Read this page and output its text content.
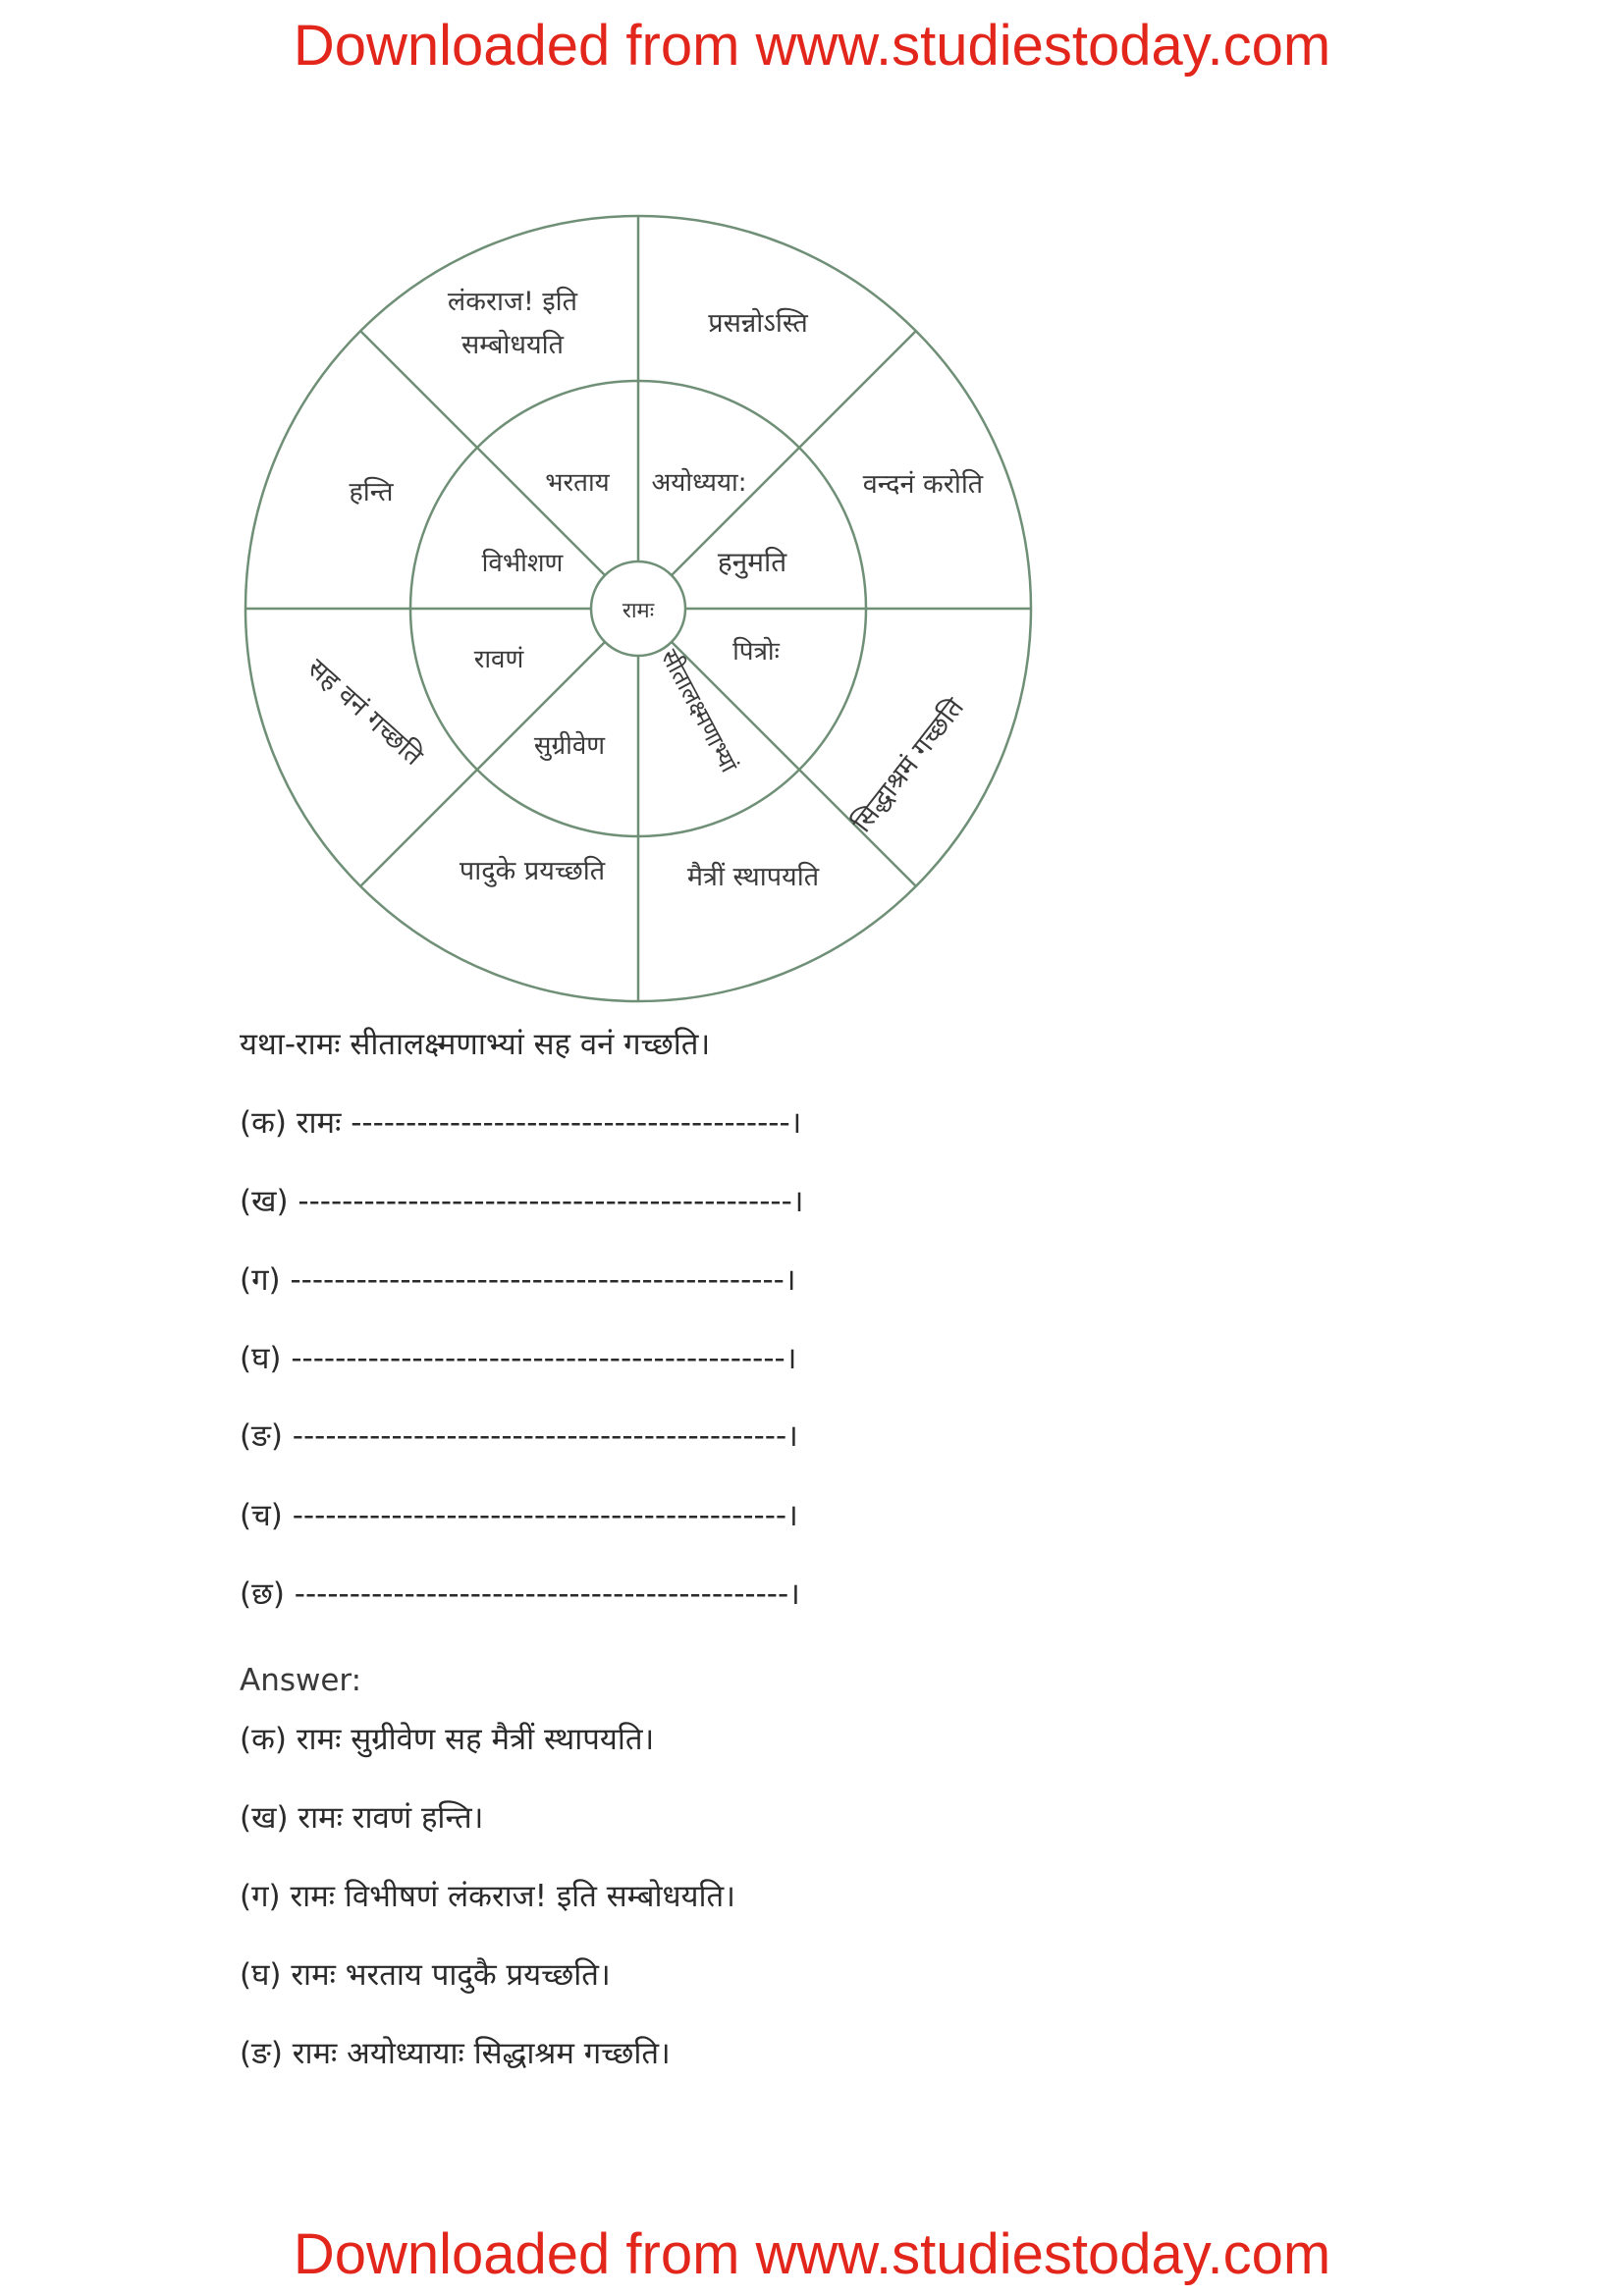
Downloaded from www.studiestoday.com
रामः
भरताय अयोध्यया:
हनुमति
पित्रोः
सीतालक्ष्मणाभ्यां
सुग्रीवेण
रावणं
विभीशण
लंकराज! इति
सम्बोधयति
प्रसन्नोऽस्ति
वन्दनं करोति
सिद्धाश्रमं गच्छति
मैत्रीं स्थापयति
पादुके प्रयच्छति
सह वनं गच्छति
हन्ति
यथा-रामः सीतालक्ष्मणाभ्यां सह वनं गच्छति।
(क) रामः ----------------------------------------।
(ख) ---------------------------------------------।
(ग) ---------------------------------------------।
(घ) ---------------------------------------------।
(ङ) ---------------------------------------------।
(च) ---------------------------------------------।
(छ) ---------------------------------------------।
Answer:
(क) रामः सुग्रीवेण सह मैत्रीं स्थापयति।
(ख) रामः रावणं हन्ति।
(ग) रामः विभीषणं लंकराज! इति सम्बोधयति।
(घ) रामः भरताय पादुकै प्रयच्छति।
(ङ) रामः अयोध्यायाः सिद्धाश्रम गच्छति।
Downloaded from www.studiestoday.com
